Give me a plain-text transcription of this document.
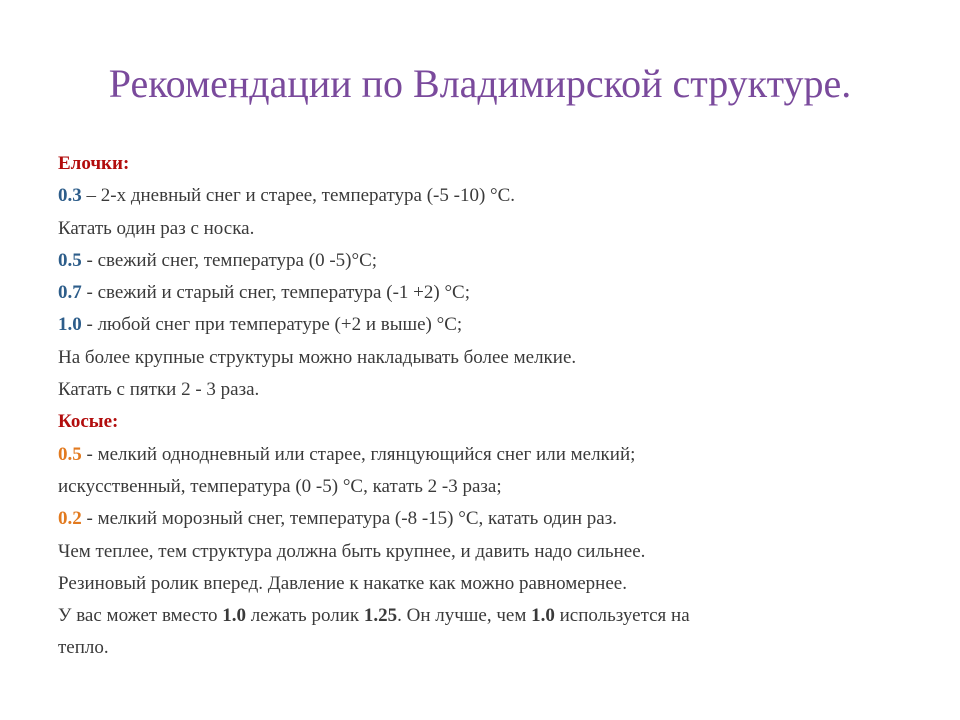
Рекомендации по Владимирской структуре.
Елочки:
0.3 – 2-х дневный снег и старее, температура (-5 -10) °С.
Катать один раз с носка.
0.5 - свежий снег, температура (0 -5)°С;
0.7 - свежий и старый снег, температура (-1 +2) °С;
1.0 - любой снег при температуре (+2 и выше) °С;
На более крупные структуры можно накладывать более мелкие.
Катать с пятки 2 - 3 раза.
Косые:
0.5 - мелкий однодневный или старее, глянцующийся снег или мелкий;
искусственный, температура (0 -5) °С, катать 2 -3 раза;
0.2 - мелкий морозный снег, температура (-8 -15) °С, катать один раз.
Чем теплее, тем структура должна быть крупнее, и давить надо сильнее.
Резиновый ролик вперед. Давление к накатке как можно равномернее.
У вас может вместо 1.0 лежать ролик 1.25. Он лучше, чем 1.0 используется на
тепло.
